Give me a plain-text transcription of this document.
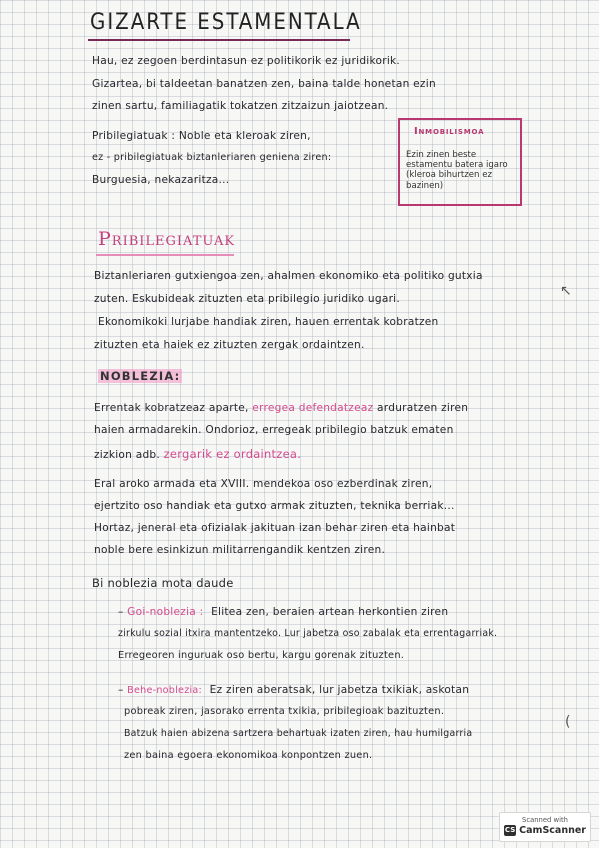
GIZARTE ESTAMENTALA
Hau, ez zegoen berdintasun ez politikorik ez juridikorik.
Gizartea, bi taldeetan banatzen zen, baina talde honetan ezin
zinen sartu, familiagatik tokatzen zitzaizun jaiotzean.
Pribilegiatuak : Noble eta kleroak ziren,
ez - pribilegiatuak biztanleriaren geniena ziren:
Burguesia, nekazaritza...
Inmobilismoa
Ezin zinen beste estamentu batera igaro (kleroa bihurtzen ez bazinen)
Pribilegiatuak
Biztanleriaren gutxiengoa zen, ahalmen ekonomiko eta politiko gutxia
zuten. Eskubideak zituzten eta pribilegio juridiko ugari.
Ekonomikoki lurjabe handiak ziren, hauen errentak kobratzen
zituzten eta haiek ez zituzten zergak ordaintzen.
↖
NOBLEZIA:
Errentak kobratzeaz aparte, erregea defendatzeaz arduratzen ziren
haien armadarekin. Ondorioz, erregeak pribilegio batzuk ematen
zizkion adb. zergarik ez ordaintzea.
Eral aroko armada eta XVIII. mendekoa oso ezberdinak ziren,
ejertzito oso handiak eta gutxo armak zituzten, teknika berriak...
Hortaz, jeneral eta ofizialak jakituan izan behar ziren eta hainbat
noble bere esinkizun militarrengandik kentzen ziren.
Bi noblezia mota daude
– Goi-noblezia : Elitea zen, beraien artean herkontien ziren
zirkulu sozial itxira mantentzeko. Lur jabetza oso zabalak eta errentagarriak.
Erregeoren inguruak oso bertu, kargu gorenak zituzten.
– Behe-noblezia: Ez ziren aberatsak, lur jabetza txikiak, askotan
pobreak ziren, jasorako errenta txikia, pribilegioak bazituzten.
Batzuk haien abizena sartzera behartuak izaten ziren, hau humilgarria
zen baina egoera ekonomikoa konpontzen zuen.
(
Scanned with
CS CamScanner
